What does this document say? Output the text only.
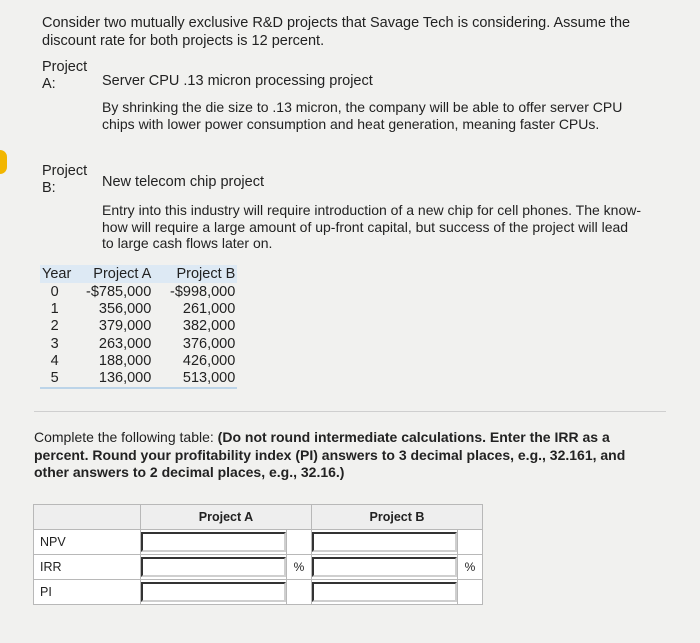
Consider two mutually exclusive R&D projects that Savage Tech is considering. Assume the discount rate for both projects is 12 percent.
Project
A:	Server CPU .13 micron processing project
By shrinking the die size to .13 micron, the company will be able to offer server CPU chips with lower power consumption and heat generation, meaning faster CPUs.
Project
B:	New telecom chip project
Entry into this industry will require introduction of a new chip for cell phones. The know-how will require a large amount of up-front capital, but success of the project will lead to large cash flows later on.
Year	Project A	Project B
0	-$785,000	-$998,000
1	356,000	261,000
2	379,000	382,000
3	263,000	376,000
4	188,000	426,000
5	136,000	513,000
Complete the following table: (Do not round intermediate calculations. Enter the IRR as a percent. Round your profitability index (PI) answers to 3 decimal places, e.g., 32.161, and other answers to 2 decimal places, e.g., 32.16.)
	Project A		Project B	
NPV				
IRR		%		%
PI				
